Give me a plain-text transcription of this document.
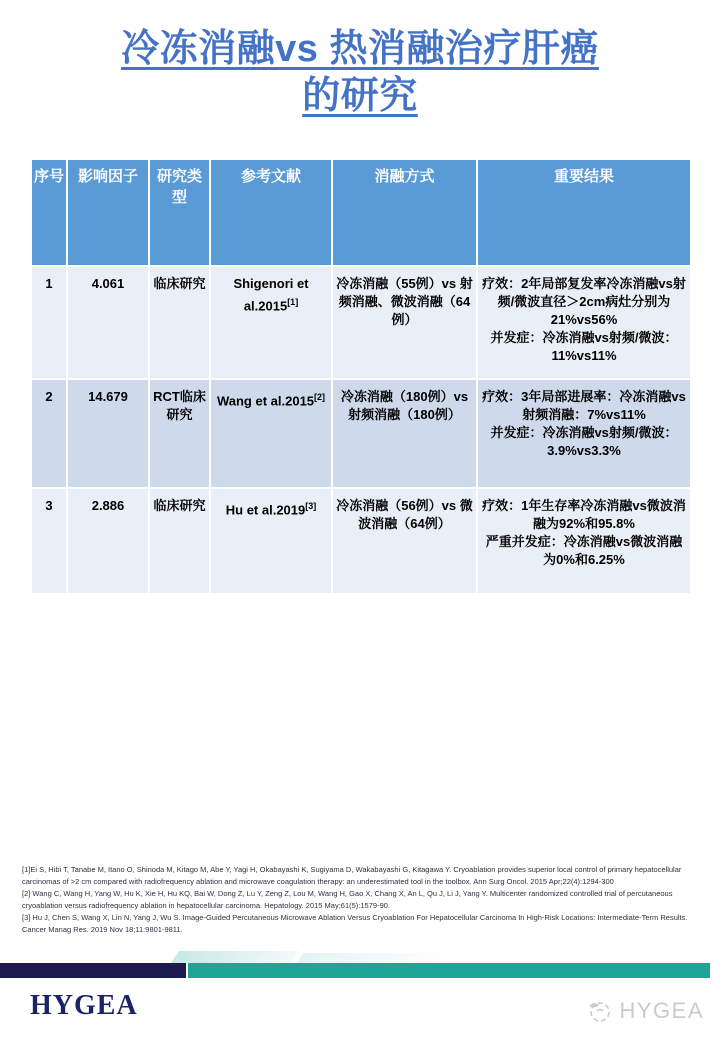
冷冻消融vs 热消融治疗肝癌
的研究
序号	影响因子	研究类型	参考文献	消融方式	重要结果
1	4.061	临床研究	Shigenori et al.2015[1]	冷冻消融（55例）vs 射频消融、微波消融（64例）	疗效：2年局部复发率冷冻消融vs射频/微波直径＞2cm病灶分别为21%vs56%
并发症：冷冻消融vs射频/微波：11%vs11%

2	14.679	RCT临床研究	Wang et al.2015[2]	冷冻消融（180例）vs 射频消融（180例）	疗效：3年局部进展率：冷冻消融vs射频消融：7%vs11%
并发症：冷冻消融vs射频/微波：3.9%vs3.3%

3	2.886	临床研究	Hu et al.2019[3]	冷冻消融（56例）vs 微波消融（64例）	疗效：1年生存率冷冻消融vs微波消融为92%和95.8%
严重并发症：冷冻消融vs微波消融为0%和6.25%

[1]Ei S, Hibi T, Tanabe M, Itano O, Shinoda M, Kitago M, Abe Y, Yagi H, Okabayashi K, Sugiyama D, Wakabayashi G, Kitagawa Y. Cryoablation provides superior local control of primary hepatocellular carcinomas of >2 cm compared with radiofrequency ablation and microwave coagulation therapy: an underestimated tool in the toolbox. Ann Surg Oncol. 2015 Apr;22(4):1294-300

[2] Wang C, Wang H, Yang W, Hu K, Xie H, Hu KQ, Bai W, Dong Z, Lu Y, Zeng Z, Lou M, Wang H, Gao X, Chang X, An L, Qu J, Li J, Yang Y. Multicenter randomized controlled trial of percutaneous cryoablation versus radiofrequency ablation in hepatocellular carcinoma. Hepatology. 2015 May;61(5):1579-90.

[3] Hu J, Chen S, Wang X, Lin N, Yang J, Wu S. Image-Guided Percutaneous Microwave Ablation Versus Cryoablation For Hepatocellular Carcinoma In High-Risk Locations: Intermediate-Term Results. Cancer Manag Res. 2019 Nov 18;11:9801-9811.

HYGEA	HYGEA
